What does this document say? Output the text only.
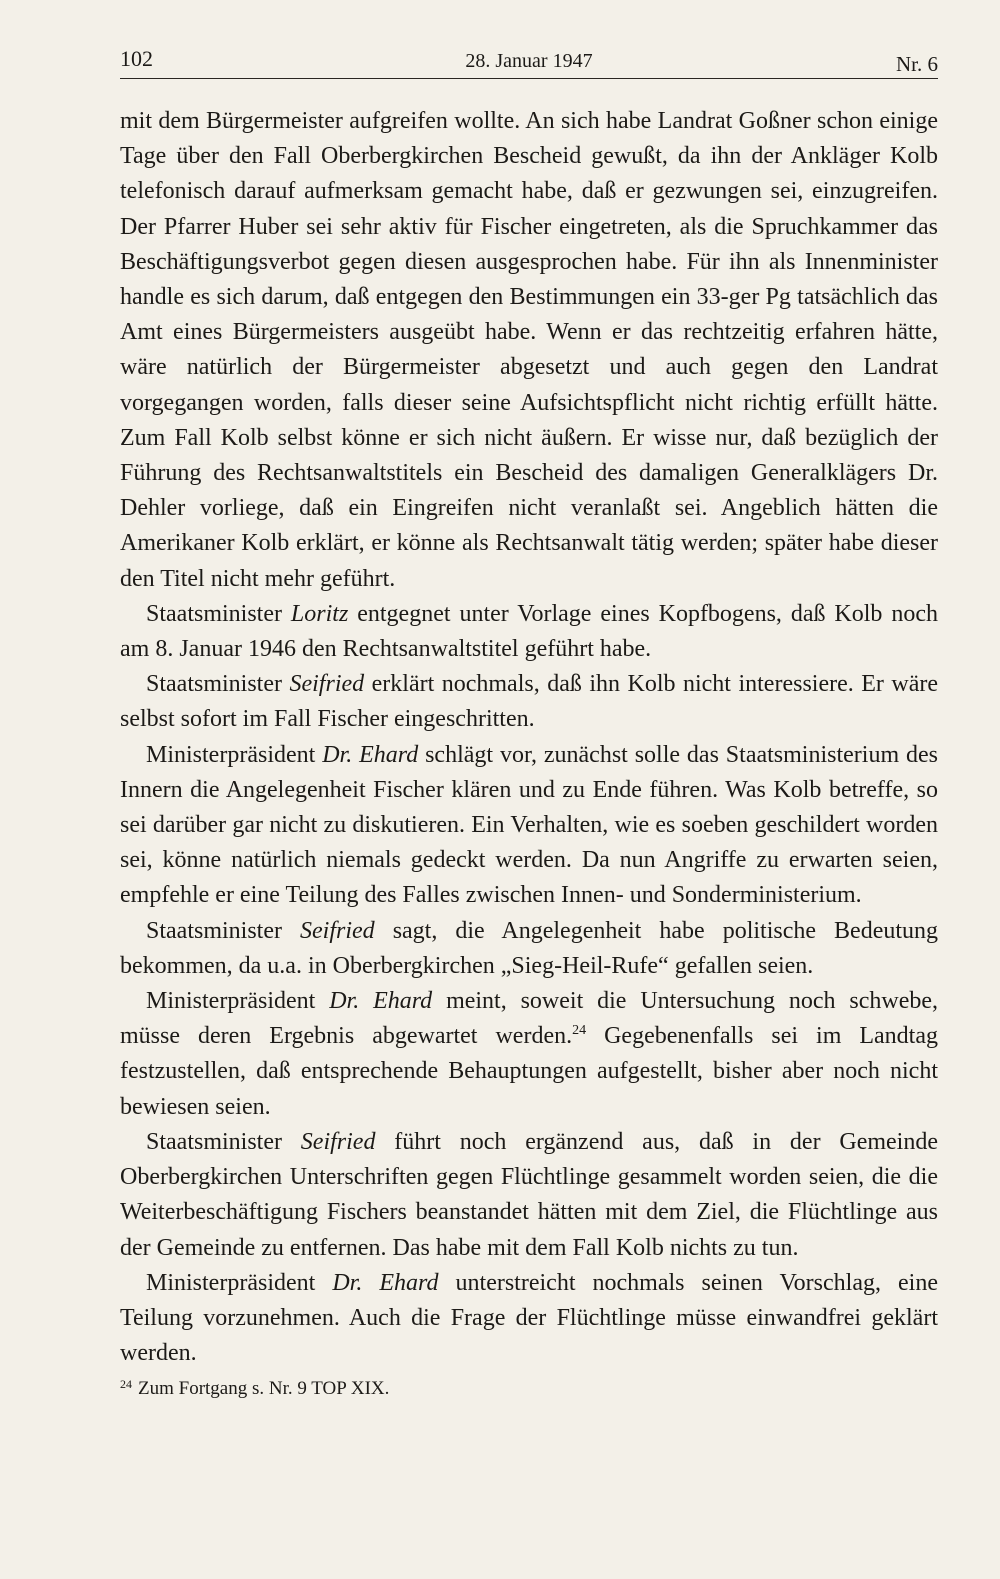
102	28. Januar 1947	Nr. 6

mit dem Bürgermeister aufgreifen wollte. An sich habe Landrat Goßner schon einige Tage über den Fall Oberbergkirchen Bescheid gewußt, da ihn der Ankläger Kolb telefonisch darauf aufmerksam gemacht habe, daß er gezwungen sei, einzugreifen. Der Pfarrer Huber sei sehr aktiv für Fischer eingetreten, als die Spruchkammer das Beschäftigungsverbot gegen diesen ausgesprochen habe. Für ihn als Innenminister handle es sich darum, daß entgegen den Bestimmungen ein 33-ger Pg tatsächlich das Amt eines Bürgermeisters ausgeübt habe. Wenn er das rechtzeitig erfahren hätte, wäre natürlich der Bürgermeister abgesetzt und auch gegen den Landrat vorgegangen worden, falls dieser seine Aufsichtspflicht nicht richtig erfüllt hätte. Zum Fall Kolb selbst könne er sich nicht äußern. Er wisse nur, daß bezüglich der Führung des Rechtsanwaltstitels ein Bescheid des damaligen Generalklägers Dr. Dehler vorliege, daß ein Eingreifen nicht veranlaßt sei. Angeblich hätten die Amerikaner Kolb erklärt, er könne als Rechtsanwalt tätig werden; später habe dieser den Titel nicht mehr geführt.

Staatsminister Loritz entgegnet unter Vorlage eines Kopfbogens, daß Kolb noch am 8. Januar 1946 den Rechtsanwaltstitel geführt habe.

Staatsminister Seifried erklärt nochmals, daß ihn Kolb nicht interessiere. Er wäre selbst sofort im Fall Fischer eingeschritten.

Ministerpräsident Dr. Ehard schlägt vor, zunächst solle das Staatsministerium des Innern die Angelegenheit Fischer klären und zu Ende führen. Was Kolb betreffe, so sei darüber gar nicht zu diskutieren. Ein Verhalten, wie es soeben geschildert worden sei, könne natürlich niemals gedeckt werden. Da nun Angriffe zu erwarten seien, empfehle er eine Teilung des Falles zwischen Innen- und Sonderministerium.

Staatsminister Seifried sagt, die Angelegenheit habe politische Bedeutung bekommen, da u.a. in Oberbergkirchen „Sieg-Heil-Rufe“ gefallen seien.

Ministerpräsident Dr. Ehard meint, soweit die Untersuchung noch schwebe, müsse deren Ergebnis abgewartet werden.$^{24}$ Gegebenenfalls sei im Landtag festzustellen, daß entsprechende Behauptungen aufgestellt, bisher aber noch nicht bewiesen seien.

Staatsminister Seifried führt noch ergänzend aus, daß in der Gemeinde Oberbergkirchen Unterschriften gegen Flüchtlinge gesammelt worden seien, die die Weiterbeschäftigung Fischers beanstandet hätten mit dem Ziel, die Flüchtlinge aus der Gemeinde zu entfernen. Das habe mit dem Fall Kolb nichts zu tun.

Ministerpräsident Dr. Ehard unterstreicht nochmals seinen Vorschlag, eine Teilung vorzunehmen. Auch die Frage der Flüchtlinge müsse einwandfrei geklärt werden.

$^{24}$ Zum Fortgang s. Nr. 9 TOP XIX.
